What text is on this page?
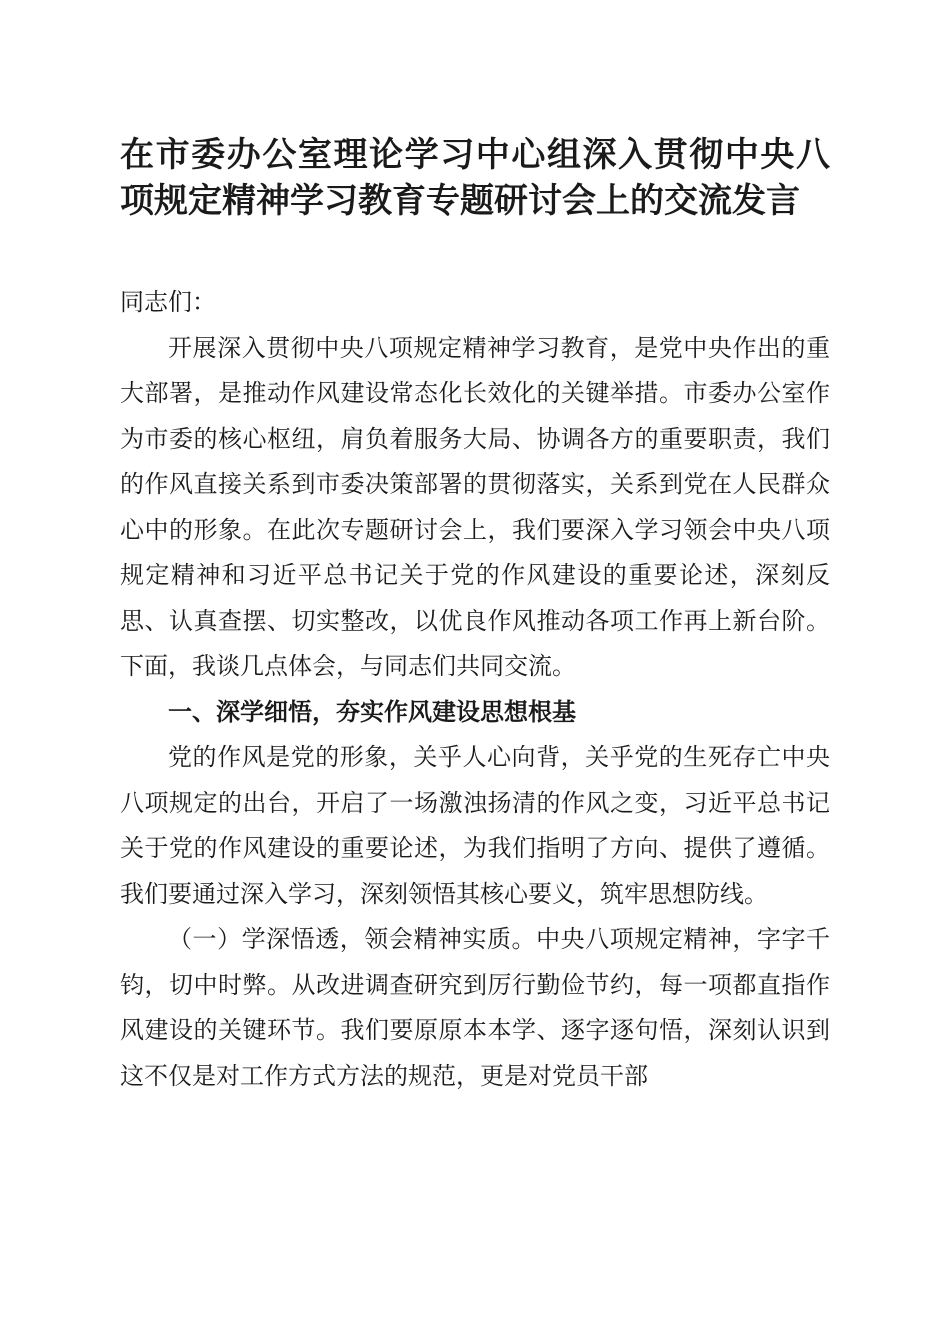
在市委办公室理论学习中心组深入贯彻中央八项规定精神学习教育专题研讨会上的交流发言

同志们：

开展深入贯彻中央八项规定精神学习教育，是党中央作出的重大部署，是推动作风建设常态化长效化的关键举措。市委办公室作为市委的核心枢纽，肩负着服务大局、协调各方的重要职责，我们的作风直接关系到市委决策部署的贯彻落实，关系到党在人民群众心中的形象。在此次专题研讨会上，我们要深入学习领会中央八项规定精神和习近平总书记关于党的作风建设的重要论述，深刻反思、认真查摆、切实整改，以优良作风推动各项工作再上新台阶。下面，我谈几点体会，与同志们共同交流。

一、深学细悟，夯实作风建设思想根基

党的作风是党的形象，关乎人心向背，关乎党的生死存亡中央八项规定的出台，开启了一场激浊扬清的作风之变，习近平总书记关于党的作风建设的重要论述，为我们指明了方向、提供了遵循。我们要通过深入学习，深刻领悟其核心要义，筑牢思想防线。

（一）学深悟透，领会精神实质。中央八项规定精神，字字千钧，切中时弊。从改进调查研究到厉行勤俭节约，每一项都直指作风建设的关键环节。我们要原原本本学、逐字逐句悟，深刻认识到这不仅是对工作方式方法的规范，更是对党员干部
